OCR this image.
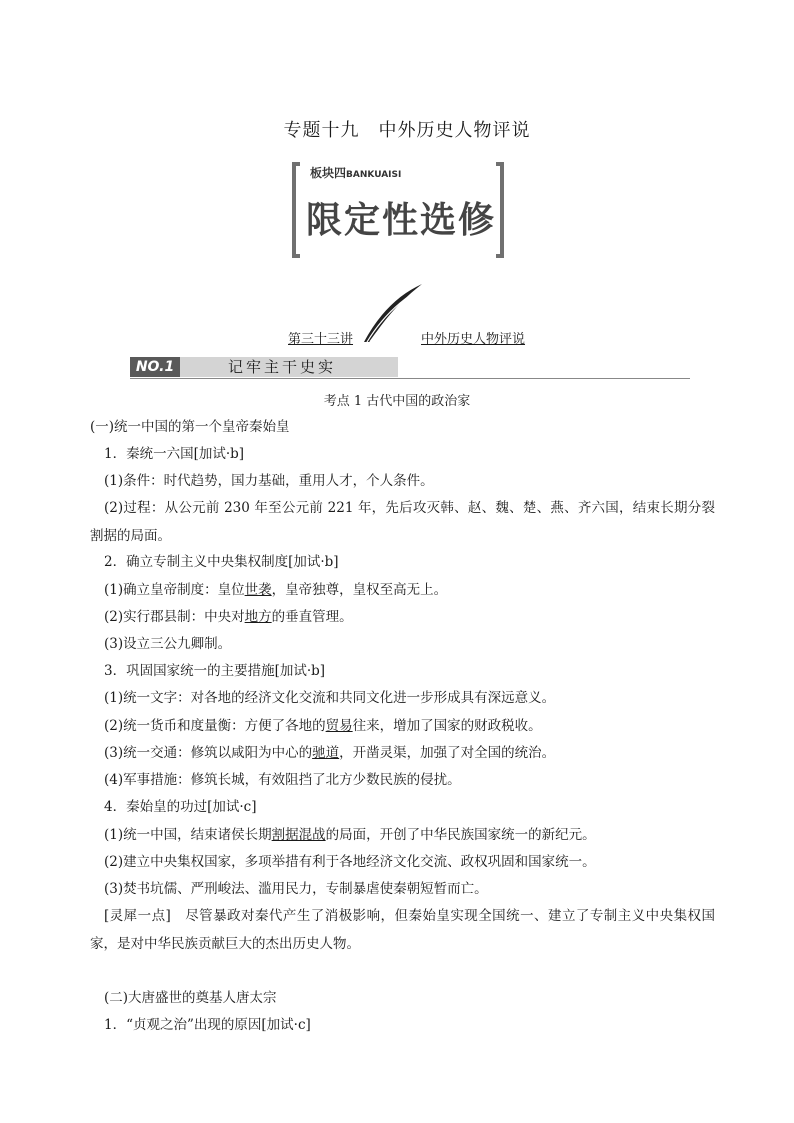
专题十九　中外历史人物评说
板块四BANKUAISI
限定性选修
第三十三讲	中外历史人物评说
NO.1	记牢主干史实
考点 1 古代中国的政治家
(一)统一中国的第一个皇帝秦始皇
1．秦统一六国[加试·b]
(1)条件：时代趋势，国力基础，重用人才，个人条件。
(2)过程：从公元前 230 年至公元前 221 年，先后攻灭韩、赵、魏、楚、燕、齐六国，结束长期分裂割据的局面。
2．确立专制主义中央集权制度[加试·b]
(1)确立皇帝制度：皇位世袭，皇帝独尊，皇权至高无上。
(2)实行郡县制：中央对地方的垂直管理。
(3)设立三公九卿制。
3．巩固国家统一的主要措施[加试·b]
(1)统一文字：对各地的经济文化交流和共同文化进一步形成具有深远意义。
(2)统一货币和度量衡：方便了各地的贸易往来，增加了国家的财政税收。
(3)统一交通：修筑以咸阳为中心的驰道，开凿灵渠，加强了对全国的统治。
(4)军事措施：修筑长城，有效阻挡了北方少数民族的侵扰。
4．秦始皇的功过[加试·c]
(1)统一中国，结束诸侯长期割据混战的局面，开创了中华民族国家统一的新纪元。
(2)建立中央集权国家，多项举措有利于各地经济文化交流、政权巩固和国家统一。
(3)焚书坑儒、严刑峻法、滥用民力，专制暴虐使秦朝短暂而亡。
[灵犀一点]　尽管暴政对秦代产生了消极影响，但秦始皇实现全国统一、建立了专制主义中央集权国家，是对中华民族贡献巨大的杰出历史人物。
(二)大唐盛世的奠基人唐太宗
1．“贞观之治”出现的原因[加试·c]
